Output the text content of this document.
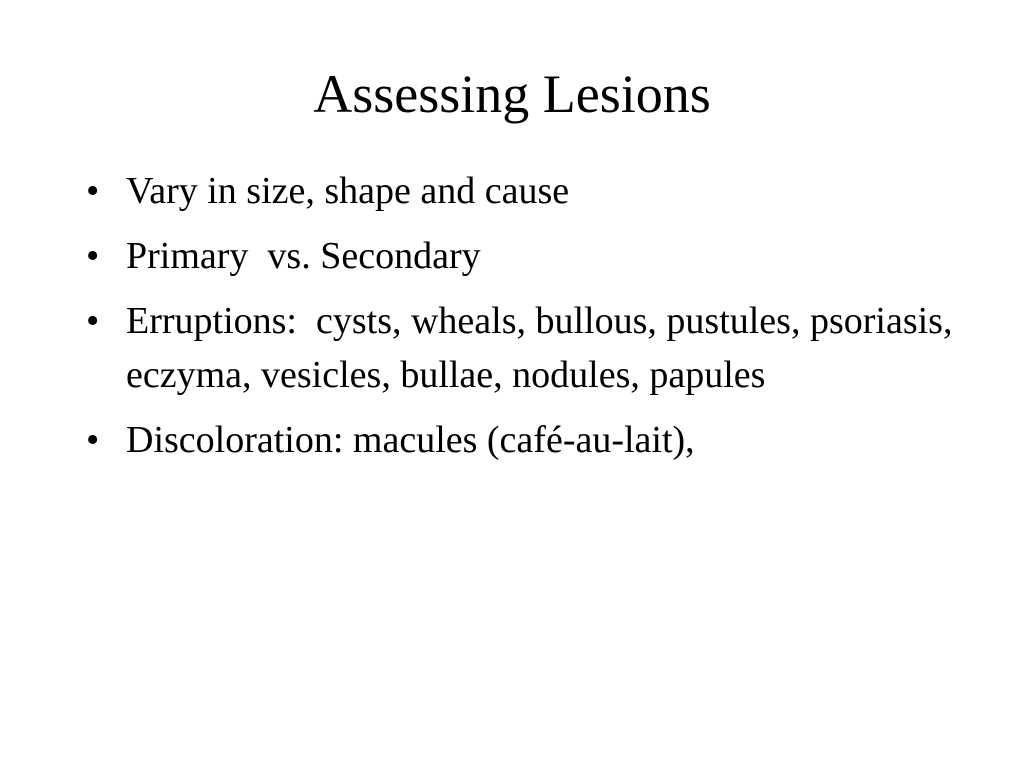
Assessing Lesions
• Vary in size, shape and cause
• Primary  vs. Secondary
• Erruptions:  cysts, wheals, bullous, pustules, psoriasis, eczyma, vesicles, bullae, nodules, papules
• Discoloration: macules (café-au-lait),
